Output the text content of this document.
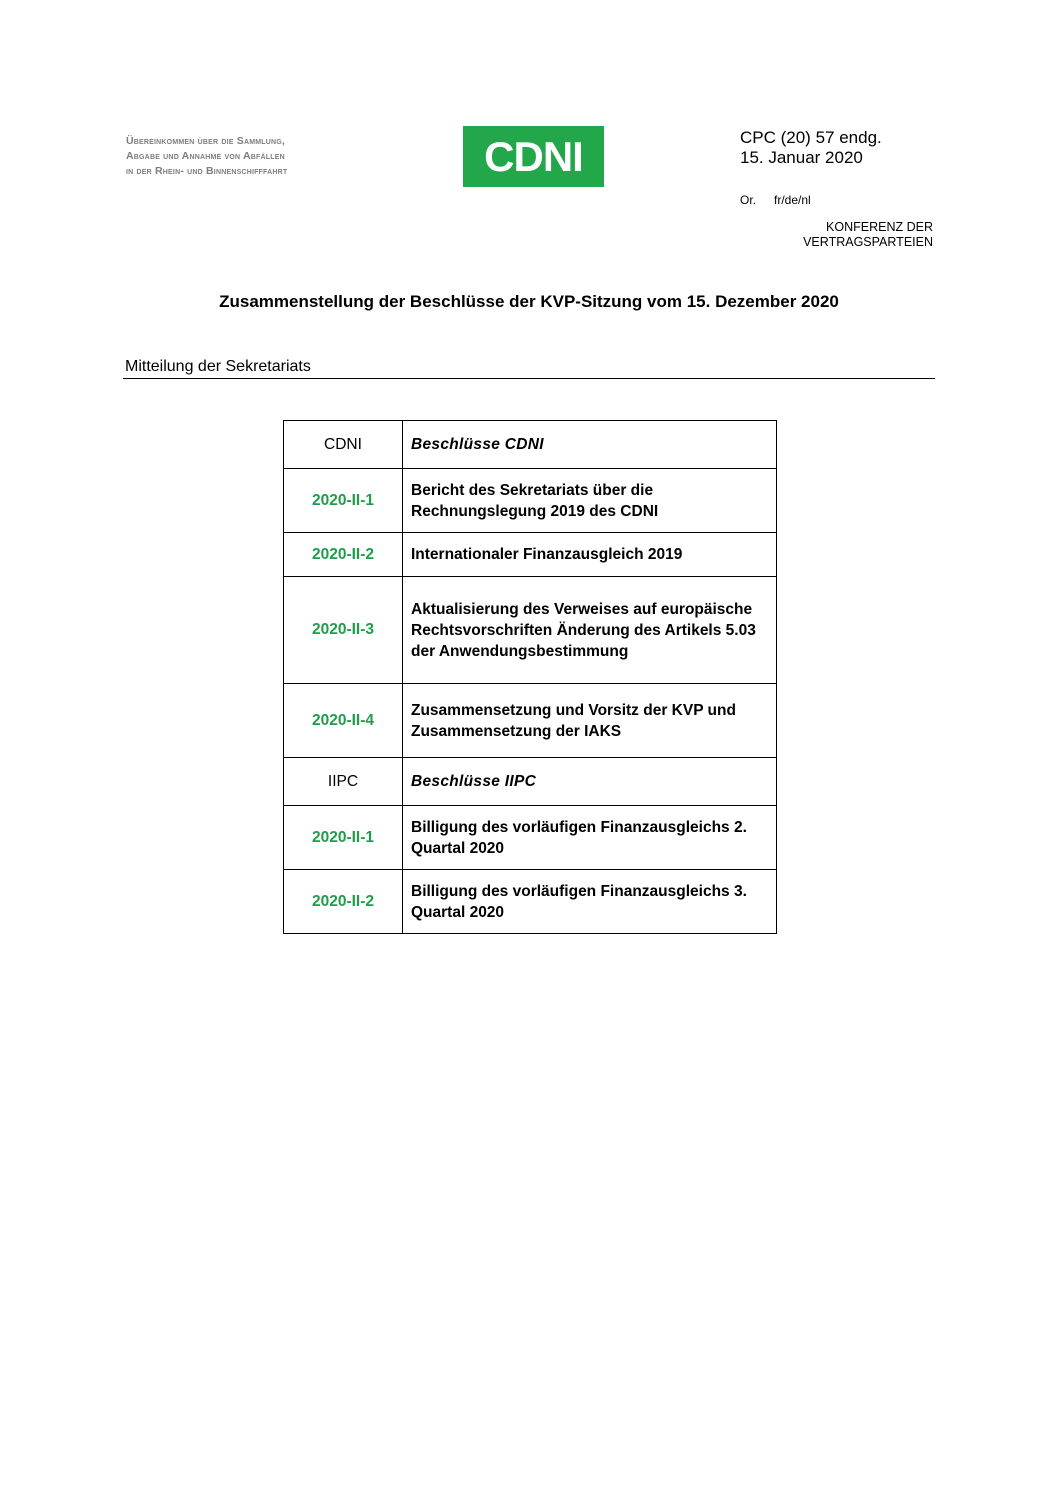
Übereinkommen über die Sammlung,
Abgabe und Annahme von Abfällen
in der Rhein- und Binnenschifffahrt	CDNI	CPC (20) 57 endg.
15. Januar 2020
Or. fr/de/nl
KONFERENZ DER
VERTRAGSPARTEIEN
Zusammenstellung der Beschlüsse der KVP-Sitzung vom 15. Dezember 2020
Mitteilung der Sekretariats
CDNI	Beschlüsse CDNI
2020-II-1	Bericht des Sekretariats über die Rechnungslegung 2019 des CDNI
2020-II-2	Internationaler Finanzausgleich 2019
2020-II-3	Aktualisierung des Verweises auf europäische Rechtsvorschriften Änderung des Artikels 5.03 der Anwendungsbestimmung
2020-II-4	Zusammensetzung und Vorsitz der KVP und Zusammensetzung der IAKS
IIPC	Beschlüsse IIPC
2020-II-1	Billigung des vorläufigen Finanzausgleichs 2. Quartal 2020
2020-II-2	Billigung des vorläufigen Finanzausgleichs 3. Quartal 2020
